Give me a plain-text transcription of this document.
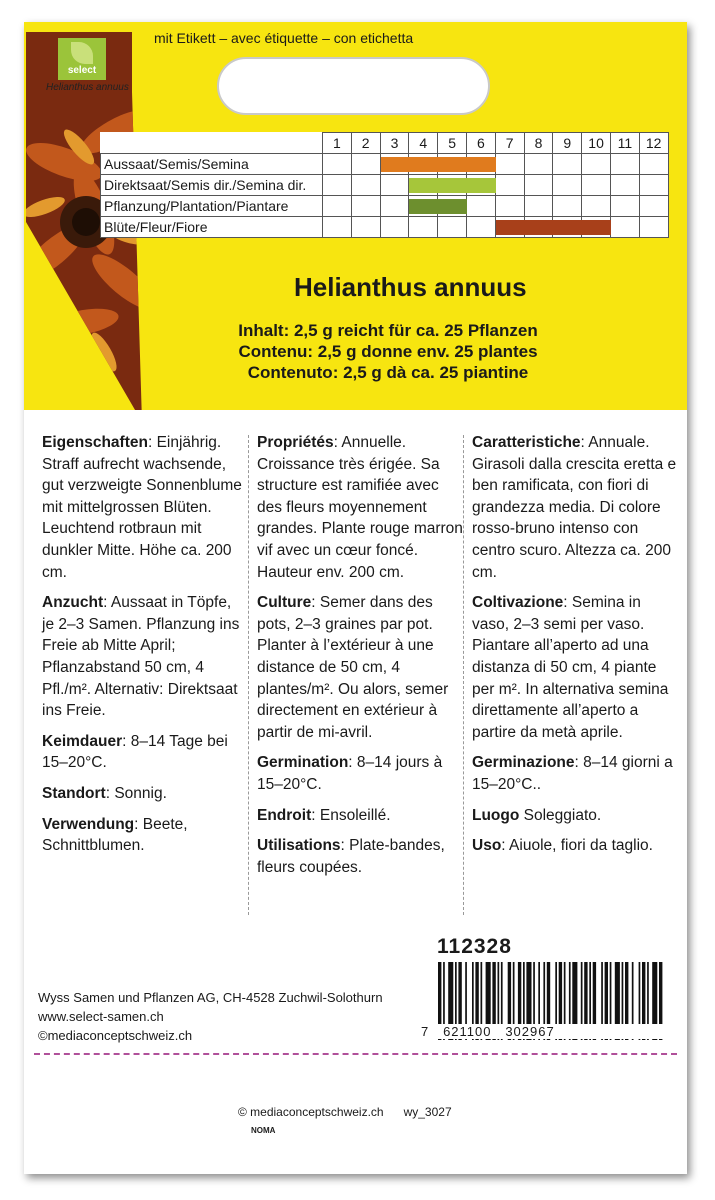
mit Etikett – avec étiquette – con etichetta
select
Helianthus annuus
	1	2	3	4	5	6	7	8	9	10	11	12
Aussaat/Semis/Semina			

Direktsaat/Semis dir./Semina dir.				

Pflanzung/Plantation/Piantare				

Blüte/Fleur/Fiore							

Helianthus annuus
Inhalt: 2,5 g reicht für ca. 25 Pflanzen
Contenu: 2,5 g donne env. 25 plantes
Contenuto: 2,5 g dà ca. 25 piantine

Eigenschaften: Einjährig. Straff aufrecht wachsende, gut verzweigte Sonnenblume mit mittelgrossen Blüten. Leuchtend rotbraun mit dunkler Mitte. Höhe ca. 200 cm.

Anzucht: Aussaat in Töpfe, je 2–3 Samen. Pflanzung ins Freie ab Mitte April; Pflanzabstand 50 cm, 4 Pfl./m². Alternativ: Direktsaat ins Freie.

Keimdauer: 8–14 Tage bei 15–20°C.

Standort: Sonnig.

Verwendung: Beete, Schnittblumen.

Propriétés: Annuelle. Croissance très érigée. Sa structure est ramifiée avec des fleurs moyennement grandes. Plante rouge marron vif avec un cœur foncé. Hauteur env. 200 cm.

Culture: Semer dans des pots, 2–3 graines par pot. Planter à l’extérieur à une distance de 50 cm, 4 plantes/m². Ou alors, semer directement en extérieur à partir de mi-avril.

Germination: 8–14 jours à 15–20°C.

Endroit: Ensoleillé.

Utilisations: Plate-bandes, fleurs coupées.

Caratteristiche: Annuale. Girasoli dalla crescita eretta e ben ramificata, con fiori di grandezza media. Di colore rosso-bruno intenso con centro scuro. Altezza ca. 200 cm.

Coltivazione: Semina in vaso, 2–3 semi per vaso. Piantare all’aperto ad una distanza di 50 cm, 4 piante per m². In alternativa semina direttamente all’aperto a partire da metà aprile.

Germinazione: 8–14 giorni a 15–20°C..

Luogo Soleggiato.

Uso: Aiuole, fiori da taglio.

112328
Wyss Samen und Pflanzen AG, CH-4528 Zuchwil-Solothurn
www.select-samen.ch
©mediaconceptschweiz.ch	7   621100   302967
© mediaconceptschweiz.ch      wy_3027
NOMA
